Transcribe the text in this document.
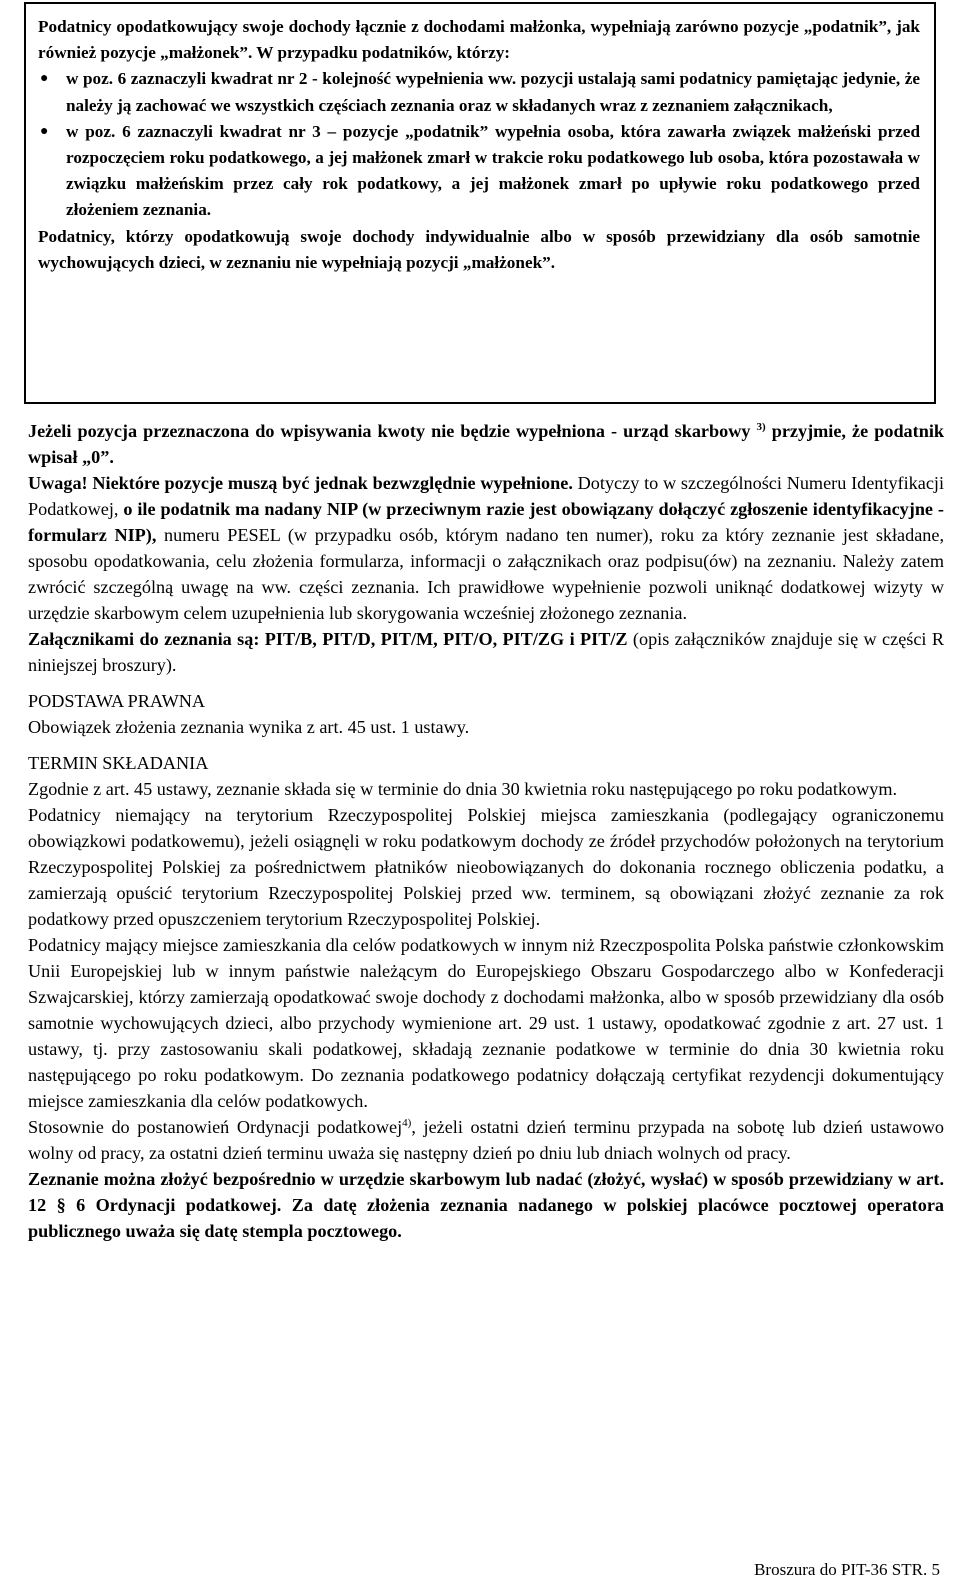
Podatnicy opodatkowujący swoje dochody łącznie z dochodami małżonka, wypełniają zarówno pozycje „podatnik”, jak również pozycje „małżonek”. W przypadku podatników, którzy:

●	w poz. 6 zaznaczyli kwadrat nr 2 - kolejność wypełnienia ww. pozycji ustalają sami podatnicy pamiętając jedynie, że należy ją zachować we wszystkich częściach zeznania oraz w składanych wraz z zeznaniem załącznikach,

●	w poz. 6 zaznaczyli kwadrat nr 3 – pozycje „podatnik” wypełnia osoba, która zawarła związek małżeński przed rozpoczęciem roku podatkowego, a jej małżonek zmarł w trakcie roku podatkowego lub osoba, która pozostawała w związku małżeńskim przez cały rok podatkowy, a jej małżonek zmarł po upływie roku podatkowego przed złożeniem zeznania.

Podatnicy, którzy opodatkowują swoje dochody indywidualnie albo w sposób przewidziany dla osób samotnie wychowujących dzieci, w zeznaniu nie wypełniają pozycji „małżonek”.

Jeżeli pozycja przeznaczona do wpisywania kwoty nie będzie wypełniona - urząd skarbowy $^{3)}$ przyjmie, że podatnik wpisał „0”.

Uwaga! Niektóre pozycje muszą być jednak bezwzględnie wypełnione. Dotyczy to w szczególności Numeru Identyfikacji Podatkowej, o ile podatnik ma nadany NIP (w przeciwnym razie jest obowiązany dołączyć zgłoszenie identyfikacyjne - formularz NIP), numeru PESEL (w przypadku osób, którym nadano ten numer), roku za który zeznanie jest składane, sposobu opodatkowania, celu złożenia formularza, informacji o załącznikach oraz podpisu(ów) na zeznaniu. Należy zatem zwrócić szczególną uwagę na ww. części zeznania. Ich prawidłowe wypełnienie pozwoli uniknąć dodatkowej wizyty w urzędzie skarbowym celem uzupełnienia lub skorygowania wcześniej złożonego zeznania.

Załącznikami do zeznania są: PIT/B, PIT/D, PIT/M, PIT/O, PIT/ZG i PIT/Z (opis załączników znajduje się w części R niniejszej broszury).

PODSTAWA PRAWNA

Obowiązek złożenia zeznania wynika z art. 45 ust. 1 ustawy.

TERMIN SKŁADANIA

Zgodnie z art. 45 ustawy, zeznanie składa się w terminie do dnia 30 kwietnia roku następującego po roku podatkowym.

Podatnicy niemający na terytorium Rzeczypospolitej Polskiej miejsca zamieszkania (podlegający ograniczonemu obowiązkowi podatkowemu), jeżeli osiągnęli w roku podatkowym dochody ze źródeł przychodów położonych na terytorium Rzeczypospolitej Polskiej za pośrednictwem płatników nieobowiązanych do dokonania rocznego obliczenia podatku, a zamierzają opuścić terytorium Rzeczypospolitej Polskiej przed ww. terminem, są obowiązani złożyć zeznanie za rok podatkowy przed opuszczeniem terytorium Rzeczypospolitej Polskiej.

Podatnicy mający miejsce zamieszkania dla celów podatkowych w innym niż Rzeczpospolita Polska państwie członkowskim Unii Europejskiej lub w innym państwie należącym do Europejskiego Obszaru Gospodarczego albo w Konfederacji Szwajcarskiej, którzy zamierzają opodatkować swoje dochody z dochodami małżonka, albo w sposób przewidziany dla osób samotnie wychowujących dzieci, albo przychody wymienione art. 29 ust. 1 ustawy, opodatkować zgodnie z art. 27 ust. 1 ustawy, tj. przy zastosowaniu skali podatkowej, składają zeznanie podatkowe w terminie do dnia 30 kwietnia roku następującego po roku podatkowym. Do zeznania podatkowego podatnicy dołączają certyfikat rezydencji dokumentujący miejsce zamieszkania dla celów podatkowych.

Stosownie do postanowień Ordynacji podatkowej$^{4)}$, jeżeli ostatni dzień terminu przypada na sobotę lub dzień ustawowo wolny od pracy, za ostatni dzień terminu uważa się następny dzień po dniu lub dniach wolnych od pracy.

Zeznanie można złożyć bezpośrednio w urzędzie skarbowym lub nadać (złożyć, wysłać) w sposób przewidziany w art. 12 § 6 Ordynacji podatkowej. Za datę złożenia zeznania nadanego w polskiej placówce pocztowej operatora publicznego uważa się datę stempla pocztowego.

Broszura do PIT-36 STR. 5
